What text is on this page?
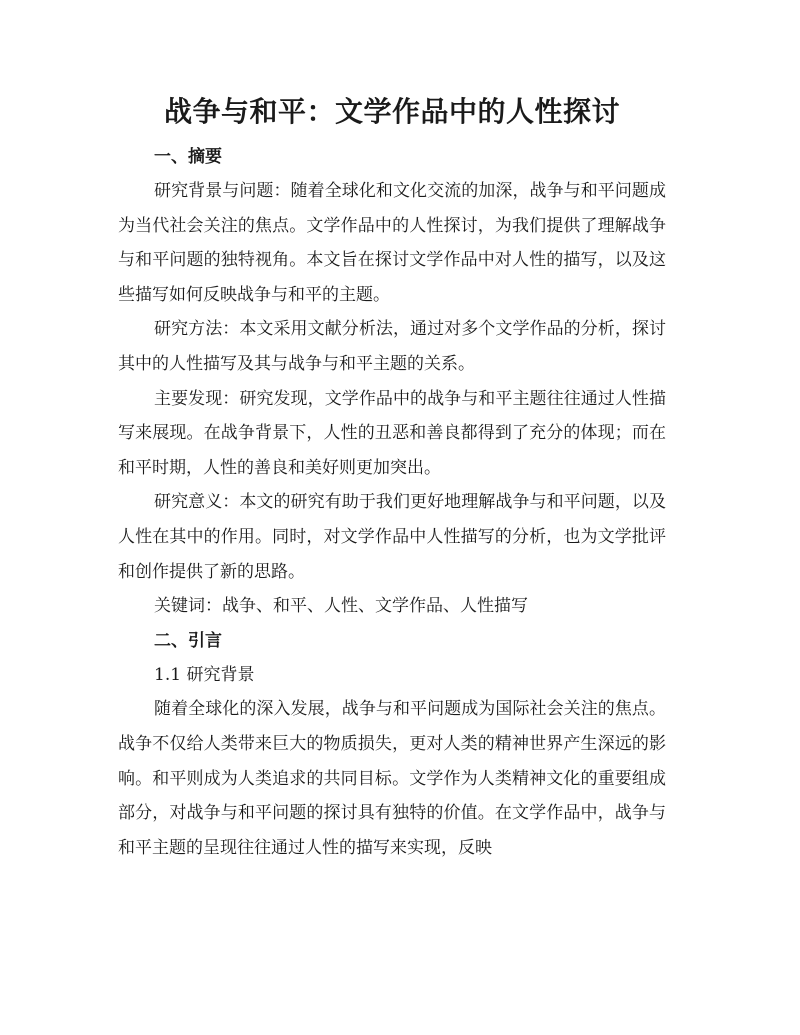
战争与和平：文学作品中的人性探讨
一、摘要

研究背景与问题：随着全球化和文化交流的加深，战争与和平问题成为当代社会关注的焦点。文学作品中的人性探讨，为我们提供了理解战争与和平问题的独特视角。本文旨在探讨文学作品中对人性的描写，以及这些描写如何反映战争与和平的主题。

研究方法：本文采用文献分析法，通过对多个文学作品的分析，探讨其中的人性描写及其与战争与和平主题的关系。

主要发现：研究发现，文学作品中的战争与和平主题往往通过人性描写来展现。在战争背景下，人性的丑恶和善良都得到了充分的体现；而在和平时期，人性的善良和美好则更加突出。

研究意义：本文的研究有助于我们更好地理解战争与和平问题，以及人性在其中的作用。同时，对文学作品中人性描写的分析，也为文学批评和创作提供了新的思路。

关键词：战争、和平、人性、文学作品、人性描写

二、引言

1.1 研究背景

随着全球化的深入发展，战争与和平问题成为国际社会关注的焦点。战争不仅给人类带来巨大的物质损失，更对人类的精神世界产生深远的影响。和平则成为人类追求的共同目标。文学作为人类精神文化的重要组成部分，对战争与和平问题的探讨具有独特的价值。在文学作品中，战争与和平主题的呈现往往通过人性的描写来实现，反映
